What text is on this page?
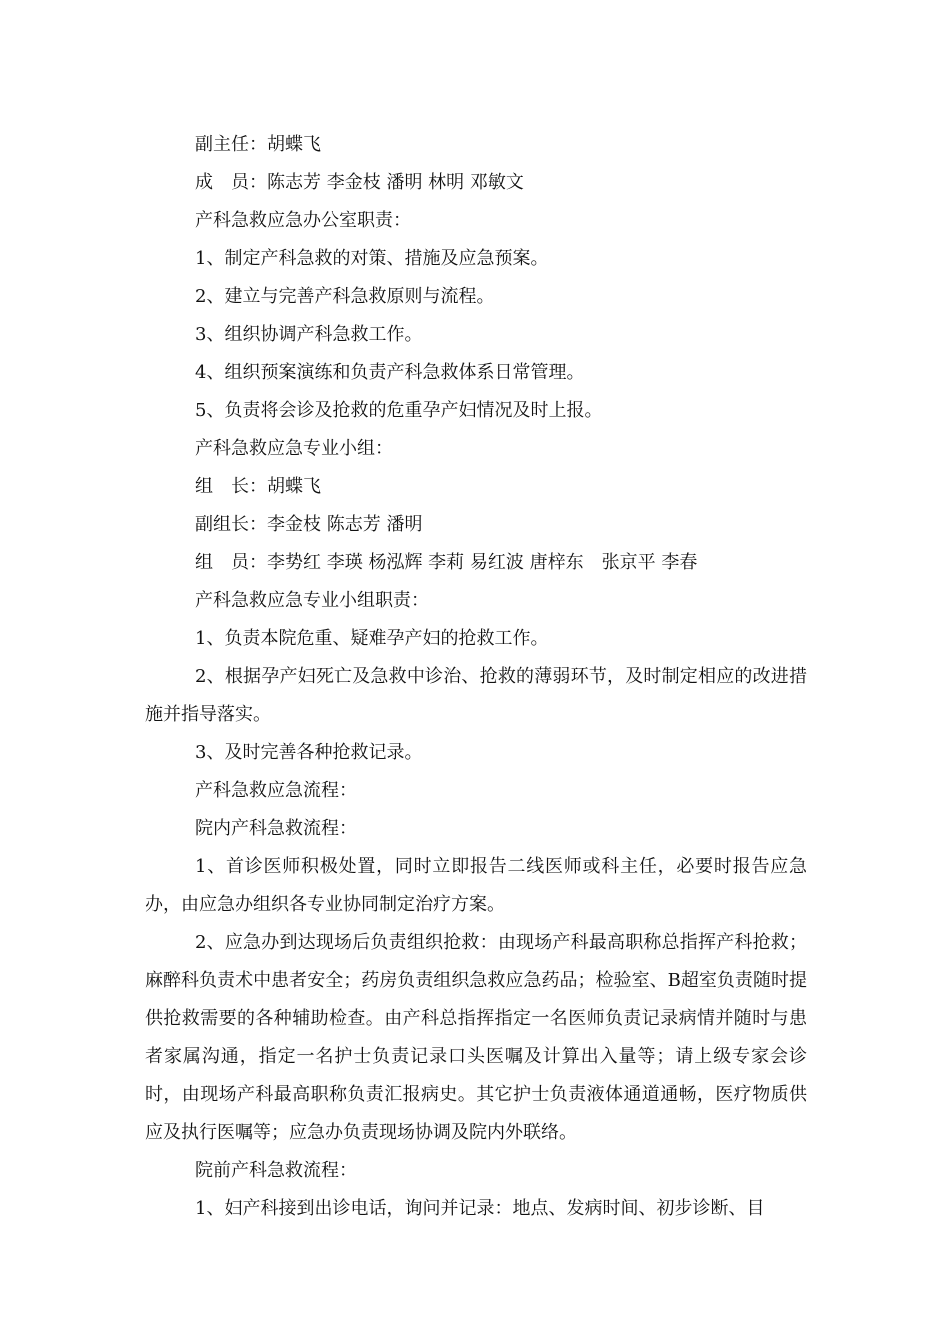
副主任：胡蝶飞

成　员：陈志芳 李金枝 潘明 林明 邓敏文

产科急救应急办公室职责：

1、制定产科急救的对策、措施及应急预案。

2、建立与完善产科急救原则与流程。

3、组织协调产科急救工作。

4、组织预案演练和负责产科急救体系日常管理。

5、负责将会诊及抢救的危重孕产妇情况及时上报。

产科急救应急专业小组：

组　长：胡蝶飞

副组长：李金枝 陈志芳 潘明

组　员：李势红 李瑛 杨泓辉 李莉 易红波 唐梓东　张京平 李春

产科急救应急专业小组职责：

1、负责本院危重、疑难孕产妇的抢救工作。

2、根据孕产妇死亡及急救中诊治、抢救的薄弱环节，及时制定相应的改进措施并指导落实。

3、及时完善各种抢救记录。

产科急救应急流程：

院内产科急救流程：

1、首诊医师积极处置，同时立即报告二线医师或科主任，必要时报告应急办，由应急办组织各专业协同制定治疗方案。

2、应急办到达现场后负责组织抢救：由现场产科最高职称总指挥产科抢救；麻醉科负责术中患者安全；药房负责组织急救应急药品；检验室、B超室负责随时提供抢救需要的各种辅助检查。由产科总指挥指定一名医师负责记录病情并随时与患者家属沟通，指定一名护士负责记录口头医嘱及计算出入量等；请上级专家会诊时，由现场产科最高职称负责汇报病史。其它护士负责液体通道通畅，医疗物质供应及执行医嘱等；应急办负责现场协调及院内外联络。

院前产科急救流程：

1、妇产科接到出诊电话，询问并记录：地点、发病时间、初步诊断、目
